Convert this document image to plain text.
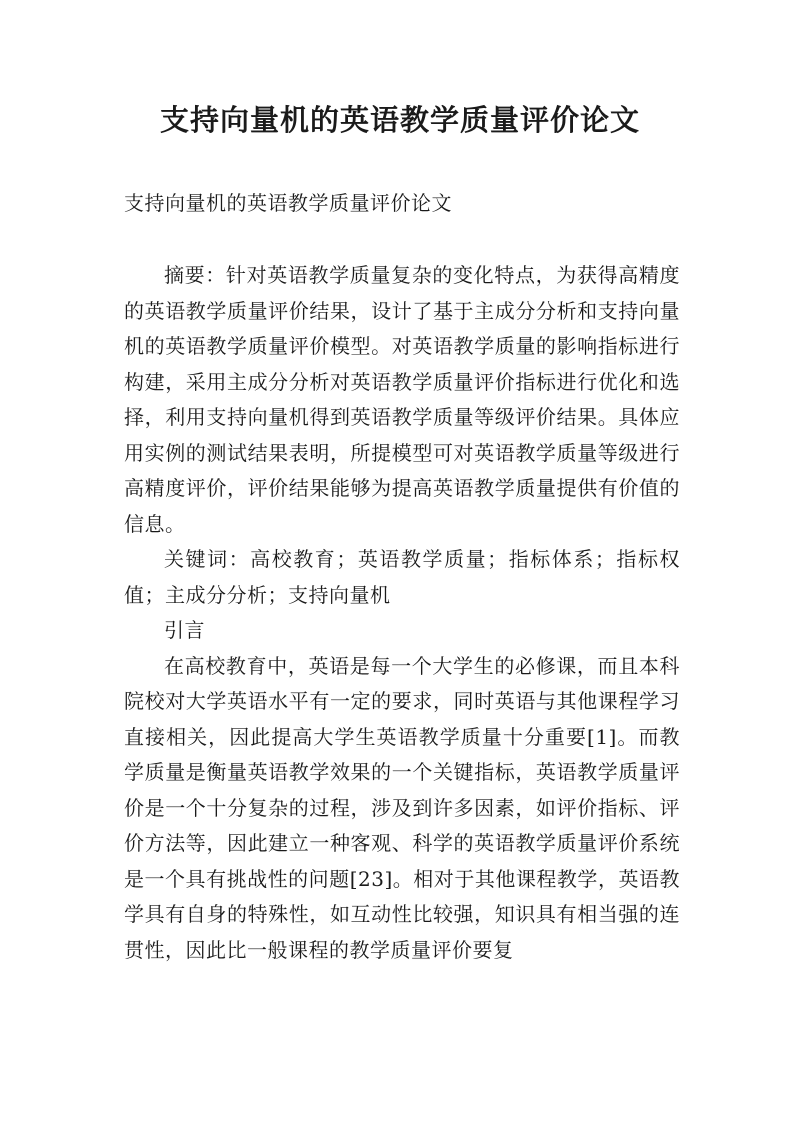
支持向量机的英语教学质量评价论文

支持向量机的英语教学质量评价论文

摘要：针对英语教学质量复杂的变化特点，为获得高精度的英语教学质量评价结果，设计了基于主成分分析和支持向量机的英语教学质量评价模型。对英语教学质量的影响指标进行构建，采用主成分分析对英语教学质量评价指标进行优化和选择，利用支持向量机得到英语教学质量等级评价结果。具体应用实例的测试结果表明，所提模型可对英语教学质量等级进行高精度评价，评价结果能够为提高英语教学质量提供有价值的信息。

关键词：高校教育；英语教学质量；指标体系；指标权值；主成分分析；支持向量机

引言

在高校教育中，英语是每一个大学生的必修课，而且本科院校对大学英语水平有一定的要求，同时英语与其他课程学习直接相关，因此提高大学生英语教学质量十分重要[1]。而教学质量是衡量英语教学效果的一个关键指标，英语教学质量评价是一个十分复杂的过程，涉及到许多因素，如评价指标、评价方法等，因此建立一种客观、科学的英语教学质量评价系统是一个具有挑战性的问题[23]。相对于其他课程教学，英语教学具有自身的特殊性，如互动性比较强，知识具有相当强的连贯性，因此比一般课程的教学质量评价要复
